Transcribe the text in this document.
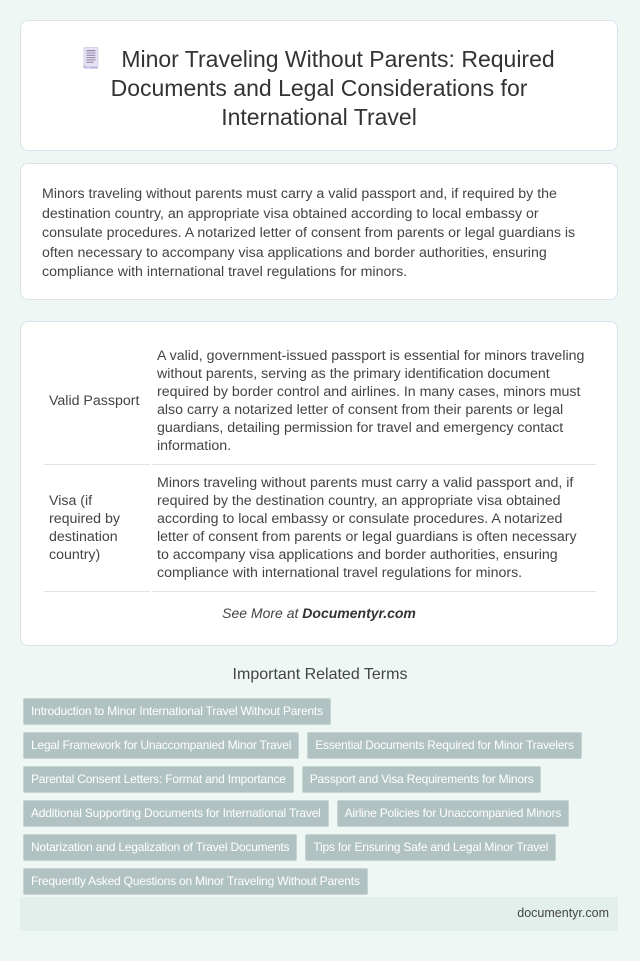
Minor Traveling Without Parents: Required Documents and Legal Considerations for International Travel
Minors traveling without parents must carry a valid passport and, if required by the destination country, an appropriate visa obtained according to local embassy or consulate procedures. A notarized letter of consent from parents or legal guardians is often necessary to accompany visa applications and border authorities, ensuring compliance with international travel regulations for minors.
Valid Passport	A valid, government-issued passport is essential for minors traveling without parents, serving as the primary identification document required by border control and airlines. In many cases, minors must also carry a notarized letter of consent from their parents or legal guardians, detailing permission for travel and emergency contact information.
Visa (if required by destination country)	Minors traveling without parents must carry a valid passport and, if required by the destination country, an appropriate visa obtained according to local embassy or consulate procedures. A notarized letter of consent from parents or legal guardians is often necessary to accompany visa applications and border authorities, ensuring compliance with international travel regulations for minors.
See More at Documentyr.com
Important Related Terms
Introduction to Minor International Travel Without Parents
Legal Framework for Unaccompanied Minor Travel	Essential Documents Required for Minor Travelers
Parental Consent Letters: Format and Importance	Passport and Visa Requirements for Minors
Additional Supporting Documents for International Travel	Airline Policies for Unaccompanied Minors
Notarization and Legalization of Travel Documents	Tips for Ensuring Safe and Legal Minor Travel
Frequently Asked Questions on Minor Traveling Without Parents
documentyr.com
